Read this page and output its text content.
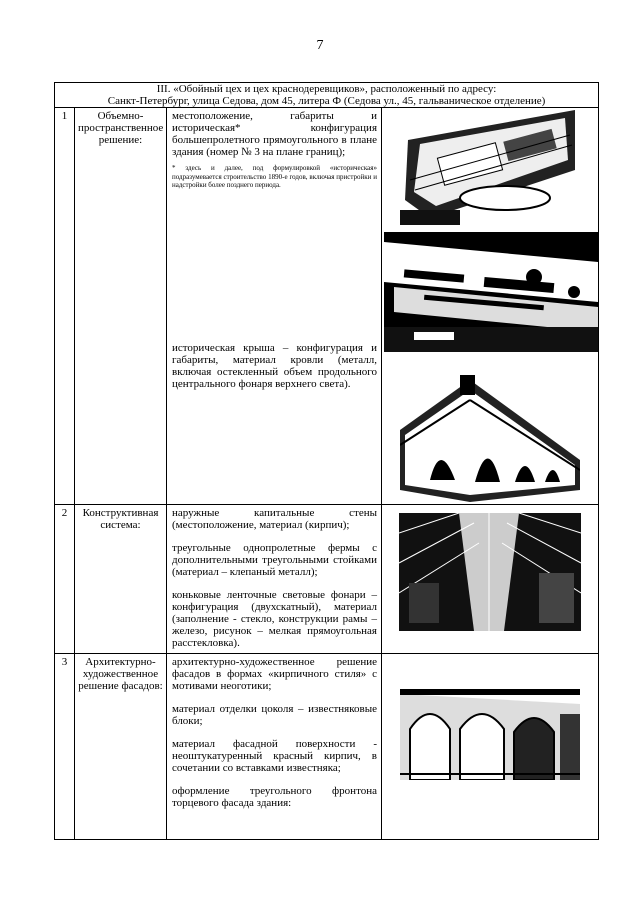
7
III. «Обойный цех и цех краснодеревщиков», расположенный по адресу:
Санкт-Петербург, улица Седова, дом 45, литера Ф (Седова ул., 45, гальваническое отделение)			

1	Объемно-пространственное решение:	местоположение, габариты и историческая* конфигурация большепролетного прямоугольного в плане здания (номер № 3 на плане границ);

* здесь и далее, под формулировкой «историческая» подразумевается строительство 1890-е годов, включая пристройки и надстройки более позднего периода.

историческая крыша – конфигурация и габариты, материал кровли (металл, включая остекленный объем продольного центрального фонаря верхнего света).

2	Конструктивная система:	наружные капитальные стены (местоположение, материал (кирпич);

треугольные однопролетные фермы с дополнительными треугольными стойками (материал – клепаный металл);

коньковые ленточные световые фонари – конфигурация (двухскатный), материал (заполнение - стекло, конструкции рамы – железо, рисунок – мелкая прямоугольная расстекловка).

3	Архитектурно-художественное решение фасадов:	архитектурно-художественное решение фасадов в формах «кирпичного стиля» с мотивами неоготики;

материал отделки цоколя – известняковые блоки;

материал фасадной поверхности - неоштукатуренный красный кирпич, в сочетании со вставками известняка;

оформление треугольного фронтона торцевого фасада здания:
